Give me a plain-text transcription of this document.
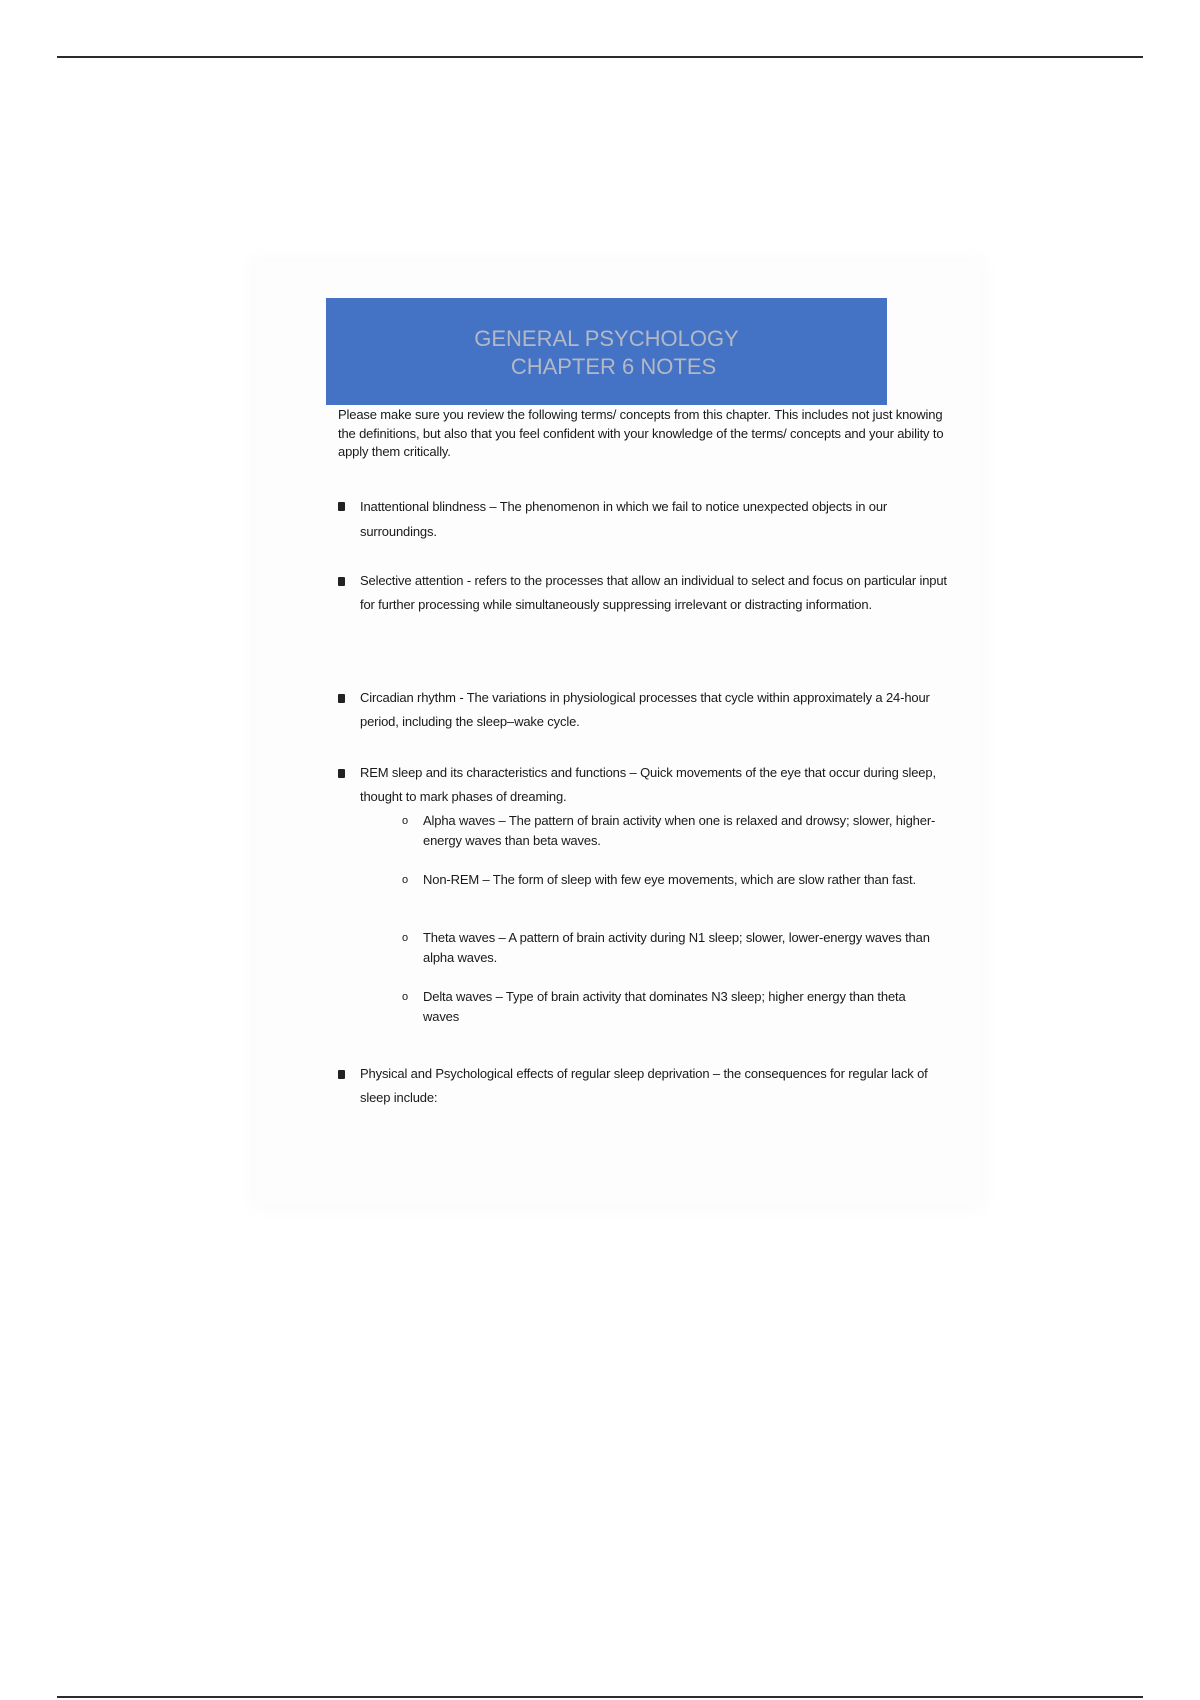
GENERAL PSYCHOLOGY
CHAPTER 6 NOTES
Please make sure you review the following terms/ concepts from this chapter. This includes not just knowing the definitions, but also that you feel confident with your knowledge of the terms/ concepts and your ability to apply them critically.
Inattentional blindness – The phenomenon in which we fail to notice unexpected objects in our surroundings.
Selective attention - refers to the processes that allow an individual to select and focus on particular input for further processing while simultaneously suppressing irrelevant or distracting information.
Circadian rhythm - The variations in physiological processes that cycle within approximately a 24-hour period, including the sleep–wake cycle.
REM sleep and its characteristics and functions – Quick movements of the eye that occur during sleep, thought to mark phases of dreaming.
o Alpha waves – The pattern of brain activity when one is relaxed and drowsy; slower, higher-energy waves than beta waves.
o Non-REM – The form of sleep with few eye movements, which are slow rather than fast.
o Theta waves – A pattern of brain activity during N1 sleep; slower, lower-energy waves than alpha waves.
o Delta waves – Type of brain activity that dominates N3 sleep; higher energy than theta waves
Physical and Psychological effects of regular sleep deprivation – the consequences for regular lack of sleep include:
